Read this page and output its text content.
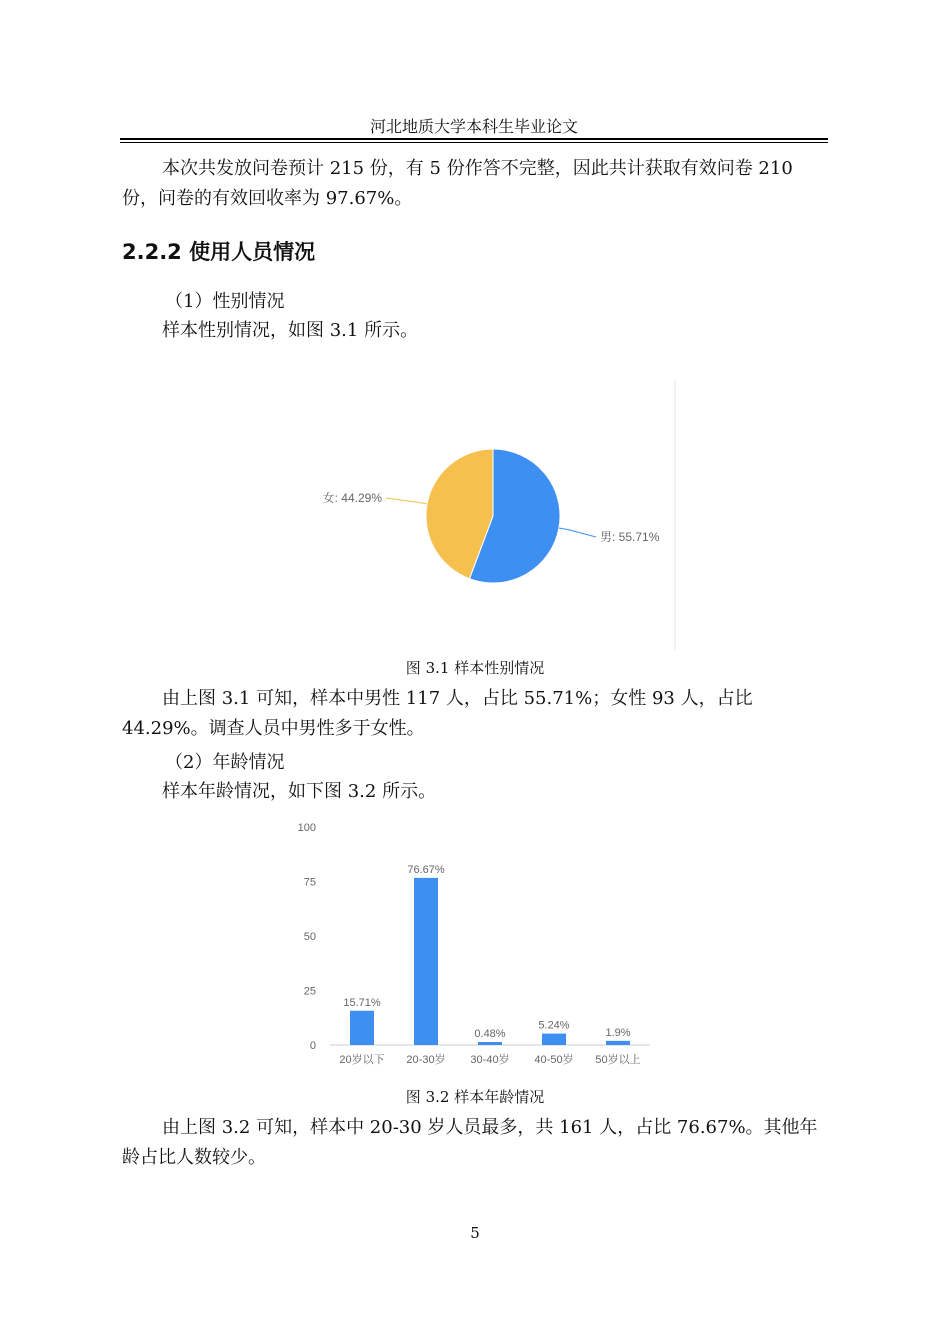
河北地质大学本科生毕业论文

本次共发放问卷预计 215 份，有 5 份作答不完整，因此共计获取有效问卷 210 份，问卷的有效回收率为 97.67%。

2.2.2 使用人员情况
（1）性别情况
样本性别情况，如图 3.1 所示。
男: 55.71%
女: 44.29%
图 3.1 样本性别情况

由上图 3.1 可知，样本中男性 117 人，占比 55.71%；女性 93 人，占比 44.29%。调查人员中男性多于女性。

（2）年龄情况
样本年龄情况，如下图 3.2 所示。
0
25
50
75
100
15.71%
20岁以下
76.67%
20-30岁
0.48%
30-40岁
5.24%
40-50岁
1.9%
50岁以上
图 3.2 样本年龄情况

由上图 3.2 可知，样本中 20-30 岁人员最多，共 161 人，占比 76.67%。其他年龄占比人数较少。

5
